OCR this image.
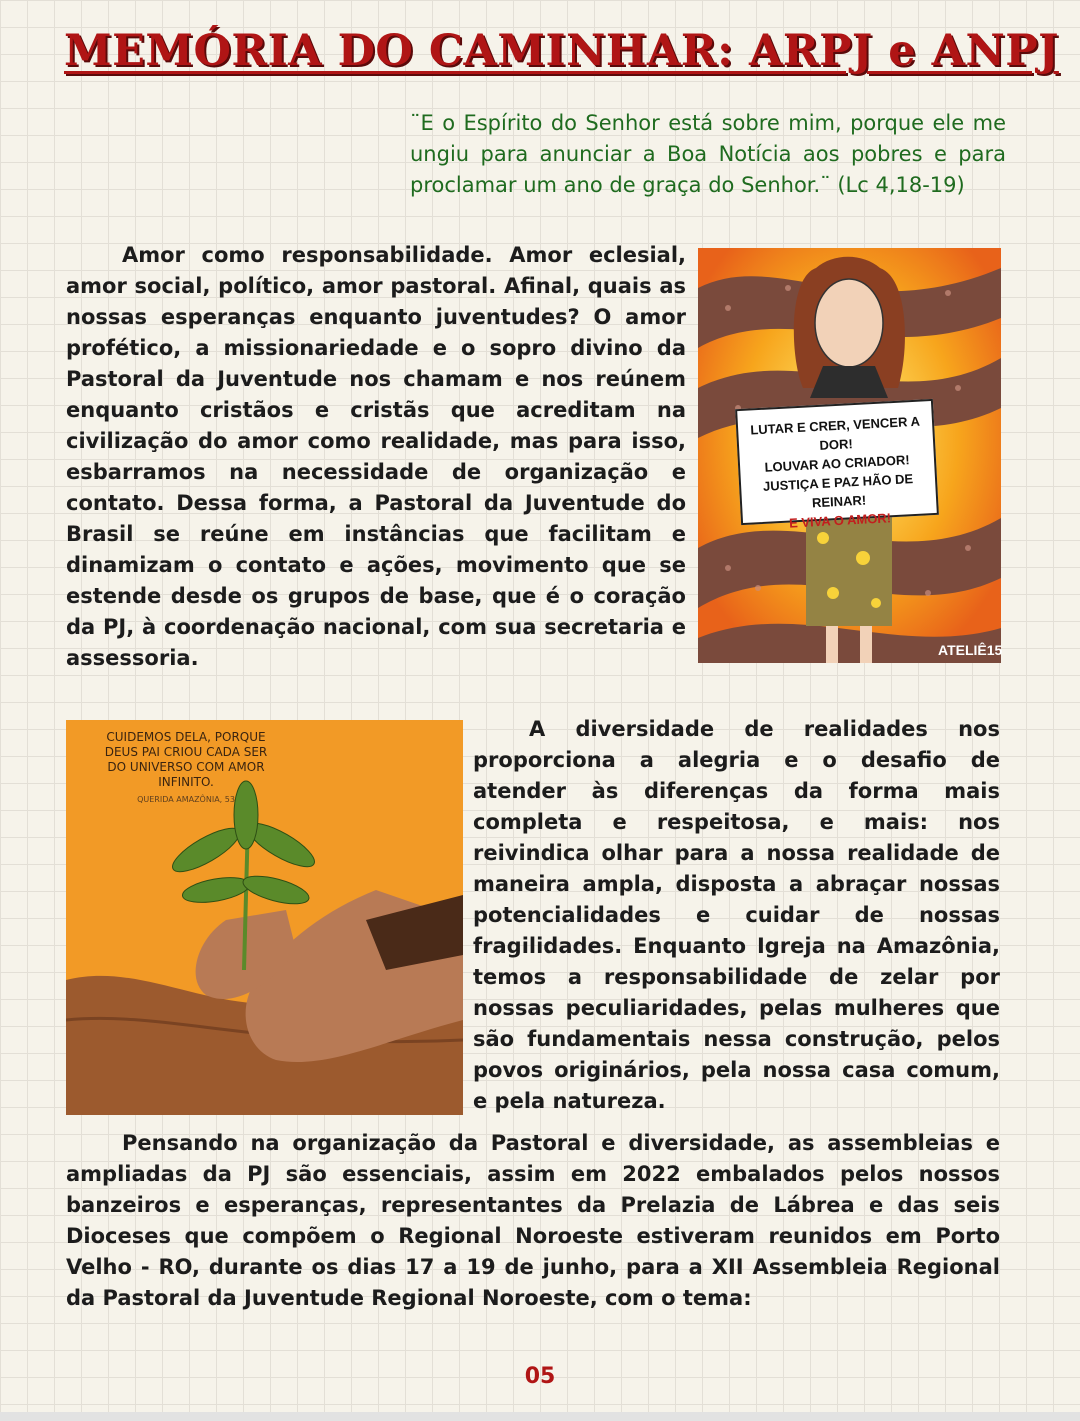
MEMÓRIA DO CAMINHAR: ARPJ e ANPJ

¨E o Espírito do Senhor está sobre mim, porque ele me ungiu para anunciar a Boa Notícia aos pobres e para proclamar um ano de graça do Senhor.¨ (Lc 4,18-19)

Amor como responsabilidade. Amor eclesial, amor social, político, amor pastoral. Afinal, quais as nossas esperanças enquanto juventudes? O amor profético, a missionariedade e o sopro divino da Pastoral da Juventude nos chamam e nos reúnem enquanto cristãos e cristãs que acreditam na civilização do amor como realidade, mas para isso, esbarramos na necessidade de organização e contato. Dessa forma, a Pastoral da Juventude do Brasil se reúne em instâncias que facilitam e dinamizam o contato e ações, movimento que se estende desde os grupos de base, que é o coração da PJ, à coordenação nacional, com sua secretaria e assessoria.

LUTAR E CRER, VENCER A DOR!
LOUVAR AO CRIADOR!
JUSTIÇA E PAZ HÃO DE REINAR!
E VIVA O AMOR!
ATELIÊ15
CUIDEMOS DELA, PORQUE DEUS PAI CRIOU CADA SER DO UNIVERSO COM AMOR INFINITO.
QUERIDA AMAZÔNIA, 53

A diversidade de realidades nos proporciona a alegria e o desafio de atender às diferenças da forma mais completa e respeitosa, e mais: nos reivindica olhar para a nossa realidade de maneira ampla, disposta a abraçar nossas potencialidades e cuidar de nossas fragilidades. Enquanto Igreja na Amazônia, temos a responsabilidade de zelar por nossas peculiaridades, pelas mulheres que são fundamentais nessa construção, pelos povos originários, pela nossa casa comum, e pela natureza.

Pensando na organização da Pastoral e diversidade, as assembleias e ampliadas da PJ são essenciais, assim em 2022 embalados pelos nossos banzeiros e esperanças, representantes da Prelazia de Lábrea e das seis Dioceses que compõem o Regional Noroeste estiveram reunidos em Porto Velho - RO, durante os dias 17 a 19 de junho, para a XII Assembleia Regional da Pastoral da Juventude Regional Noroeste, com o tema:

05
